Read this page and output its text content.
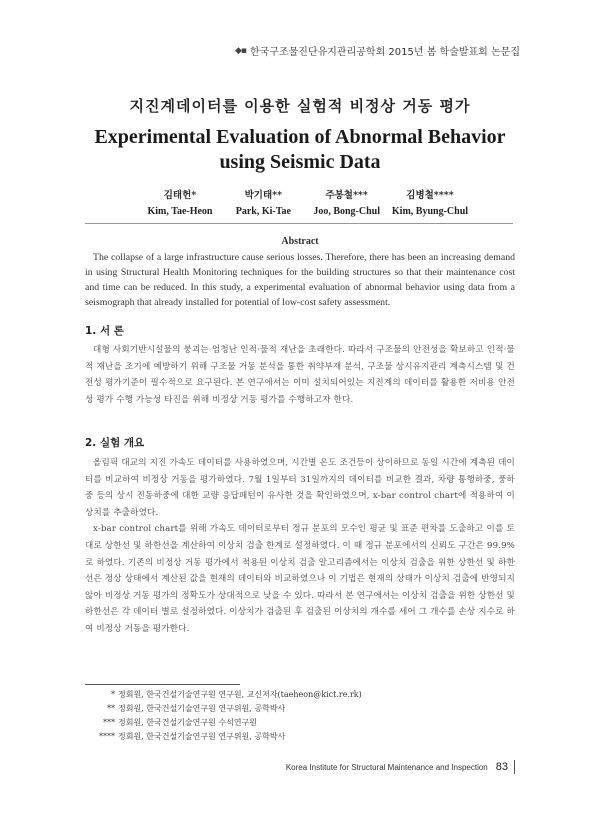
◆▪ 한국구조물진단유지관리공학회 2015년 봄 학술발표회 논문집
지진계데이터를 이용한 실험적 비정상 거동 평가
Experimental Evaluation of Abnormal Behavior using Seismic Data
김태헌*
Kim, Tae-Heon
박기태**
Park, Ki-Tae
주봉철***
Joo, Bong-Chul
김병철****
Kim, Byung-Chul
Abstract
The collapse of a large infrastructure cause serious losses. Therefore, there has been an increasing demand in using Structural Health Monitoring techniques for the building structures so that their maintenance cost and time can be reduced. In this study, a experimental evaluation of abnormal behavior using data from a seismograph that already installed for potential of low-cost safety assessment.
1. 서 론

대형 사회기반시설물의 붕괴는 엄청난 인적·물적 재난을 초래한다. 따라서 구조물의 안전성을 확보하고 인적·물적 재난을 조기에 예방하기 위해 구조물 거동 분석을 통한 취약부재 분석, 구조물 상시유지관리 계측시스템 및 건전성 평가기준이 필수적으로 요구된다. 본 연구에서는 이미 설치되어있는 지진계의 데이터를 활용한 저비용 안전성 평가 수행 가능성 타진을 위해 비정상 거동 평가를 수행하고자 한다.

2. 실험 개요

올림픽 대교의 지진 가속도 데이터를 사용하였으며, 시간별 온도 조건등이 상이하므로 동일 시간에 계측된 데이터를 비교하여 비정상 거동을 평가하였다. 7월 1일부터 31일까지의 데이터를 비교한 결과, 차량 통행하중, 풍하중 등의 상시 진동하중에 대한 교량 응답패턴이 유사한 것을 확인하였으며, x-bar control chart에 적용하여 이상치를 추출하였다.

x-bar control chart를 위해 가속도 데이터로부터 정규 분포의 모수인 평균 및 표준 편차를 도출하고 이를 토대로 상한선 및 하한선을 계산하여 이상치 검출 한계로 설정하였다. 이 때 정규 분포에서의 신뢰도 구간은 99.9%로 하였다. 기존의 비정상 거동 평가에서 적용된 이상치 검출 알고리즘에서는 이상치 검출을 위한 상한선 및 하한선은 정상 상태에서 계산된 값을 현재의 데이터와 비교하였으나 이 기법은 현재의 상태가 이상치 검출에 반영되지 않아 비정상 거동 평가의 정확도가 상대적으로 낮을 수 있다. 따라서 본 연구에서는 이상치 검출을 위한 상한선 및 하한선은 각 데이터 별로 설정하였다. 이상치가 검출된 후 검출된 이상치의 개수를 세어 그 개수를 손상 지수로 하여 비정상 거동을 평가한다.

* 정회원, 한국건설기술연구원 연구원, 교신저자(taeheon@kict.re.rk)
** 정회원, 한국건설기술연구원 연구위원, 공학박사
*** 정회원, 한국건설기술연구원 수석연구원
**** 정회원, 한국건설기술연구원 연구위원, 공학박사
Korea Institute for Structural Maintenance and Inspection 83
